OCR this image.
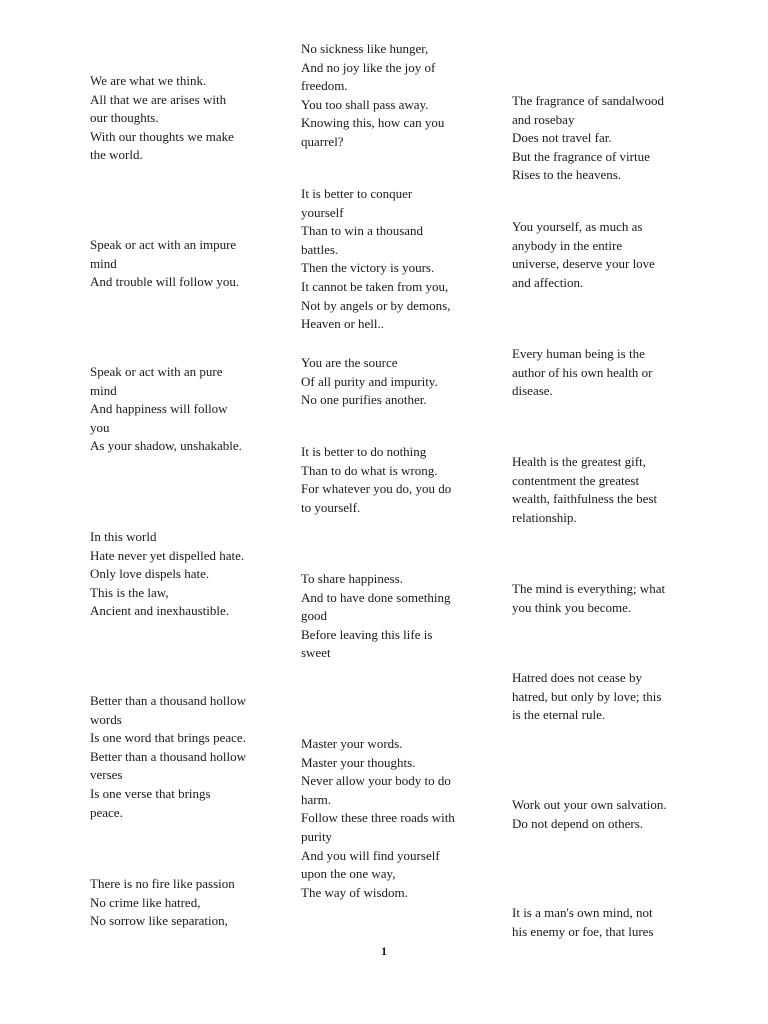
We are what we think.
All that we are arises with
our thoughts.
With our thoughts we make
the world.
Speak or act with an impure
mind
And trouble will follow you.
Speak or act with an pure
mind
And happiness will follow
you
As your shadow, unshakable.
In this world
Hate never yet dispelled hate.
Only love dispels hate.
This is the law,
Ancient and inexhaustible.
Better than a thousand hollow
words
Is one word that brings peace.
Better than a thousand hollow
verses
Is one verse that brings
peace.
There is no fire like passion
No crime like hatred,
No sorrow like separation,
No sickness like hunger,
And no joy like the joy of
freedom.
You too shall pass away.
Knowing this, how can you
quarrel?
It is better to conquer
yourself
Than to win a thousand
battles.
Then the victory is yours.
It cannot be taken from you,
Not by angels or by demons,
Heaven or hell..
You are the source
Of all purity and impurity.
No one purifies another.
It is better to do nothing
Than to do what is wrong.
For whatever you do, you do
to yourself.
To share happiness.
And to have done something
good
Before leaving this life is
sweet
Master your words.
Master your thoughts.
Never allow your body to do
harm.
Follow these three roads with
purity
And you will find yourself
upon the one way,
The way of wisdom.
The fragrance of sandalwood
and rosebay
Does not travel far.
But the fragrance of virtue
Rises to the heavens.
You yourself, as much as
anybody in the entire
universe, deserve your love
and affection.
Every human being is the
author of his own health or
disease.
Health is the greatest gift,
contentment the greatest
wealth, faithfulness the best
relationship.
The mind is everything; what
you think you become.
Hatred does not cease by
hatred, but only by love; this
is the eternal rule.
Work out your own salvation.
Do not depend on others.
It is a man's own mind, not
his enemy or foe, that lures
1
